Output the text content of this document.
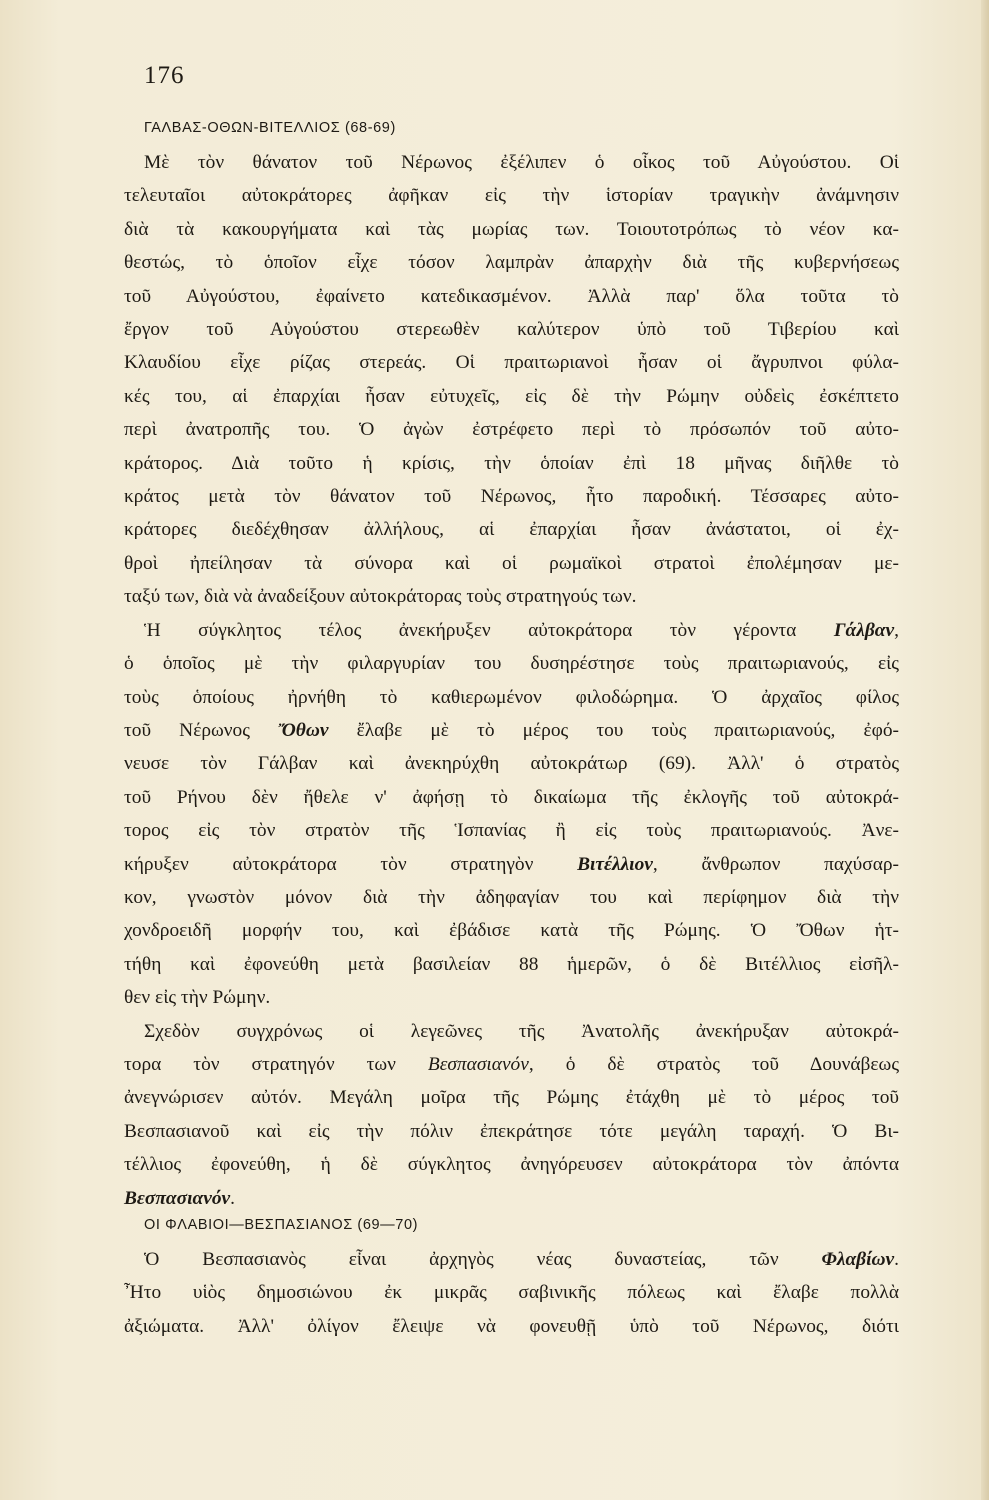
176
ΓΑΛΒΑΣ-ΟΘΩΝ-ΒΙΤΕΛΛΙΟΣ (68-69)
Μὲ τὸν θάνατον τοῦ Νέρωνος ἐξέλιπεν ὁ οἶκος τοῦ Αὐγούστου. Οἱ
τελευταῖοι αὐτοκράτορες ἀφῆκαν εἰς τὴν ἱστορίαν τραγικὴν ἀνάμνησιν
διὰ τὰ κακουργήματα καὶ τὰς μωρίας των. Τοιουτοτρόπως τὸ νέον κα-
θεστώς, τὸ ὁποῖον εἶχε τόσον λαμπρὰν ἀπαρχὴν διὰ τῆς κυβερνήσεως
τοῦ Αὐγούστου, ἐφαίνετο κατεδικασμένον. Ἀλλὰ παρ' ὅλα τοῦτα τὸ
ἔργον τοῦ Αὐγούστου στερεωθὲν καλύτερον ὑπὸ τοῦ Τιβερίου καὶ
Κλαυδίου εἶχε ρίζας στερεάς. Οἱ πραιτωριανοὶ ἦσαν οἱ ἄγρυπνοι φύλα-
κές του, αἱ ἐπαρχίαι ἦσαν εὐτυχεῖς, εἰς δὲ τὴν Ρώμην οὐδεὶς ἐσκέπτετο
περὶ ἀνατροπῆς του. Ὁ ἀγὼν ἐστρέφετο περὶ τὸ πρόσωπόν τοῦ αὐτο-
κράτορος. Διὰ τοῦτο ἡ κρίσις, τὴν ὁποίαν ἐπὶ 18 μῆνας διῆλθε τὸ
κράτος μετὰ τὸν θάνατον τοῦ Νέρωνος, ἦτο παροδική. Τέσσαρες αὐτο-
κράτορες διεδέχθησαν ἀλλήλους, αἱ ἐπαρχίαι ἦσαν ἀνάστατοι, οἱ ἐχ-
θροὶ ἠπείλησαν τὰ σύνορα καὶ οἱ ρωμαϊκοὶ στρατοὶ ἐπολέμησαν με-
ταξύ των, διὰ νὰ ἀναδείξουν αὐτοκράτορας τοὺς στρατηγούς των.
Ἡ σύγκλητος τέλος ἀνεκήρυξεν αὐτοκράτορα τὸν γέροντα Γάλβαν,
ὁ ὁποῖος μὲ τὴν φιλαργυρίαν του δυσηρέστησε τοὺς πραιτωριανούς, εἰς
τοὺς ὁποίους ἠρνήθη τὸ καθιερωμένον φιλοδώρημα. Ὁ ἀρχαῖος φίλος
τοῦ Νέρωνος Ὄθων ἔλαβε μὲ τὸ μέρος του τοὺς πραιτωριανούς, ἐφό-
νευσε τὸν Γάλβαν καὶ ἀνεκηρύχθη αὐτοκράτωρ (69). Ἀλλ' ὁ στρατὸς
τοῦ Ρήνου δὲν ἤθελε ν' ἀφήσῃ τὸ δικαίωμα τῆς ἐκλογῆς τοῦ αὐτοκρά-
τορος εἰς τὸν στρατὸν τῆς Ἱσπανίας ἢ εἰς τοὺς πραιτωριανούς. Ἀνε-
κήρυξεν αὐτοκράτορα τὸν στρατηγὸν Βιτέλλιον, ἄνθρωπον παχύσαρ-
κον, γνωστὸν μόνον διὰ τὴν ἀδηφαγίαν του καὶ περίφημον διὰ τὴν
χονδροειδῆ μορφήν του, καὶ ἐβάδισε κατὰ τῆς Ρώμης. Ὁ Ὄθων ἡτ-
τήθη καὶ ἐφονεύθη μετὰ βασιλείαν 88 ἡμερῶν, ὁ δὲ Βιτέλλιος εἰσῆλ-
θεν εἰς τὴν Ρώμην.
Σχεδὸν συγχρόνως οἱ λεγεῶνες τῆς Ἀνατολῆς ἀνεκήρυξαν αὐτοκρά-
τορα τὸν στρατηγόν των Βεσπασιανόν, ὁ δὲ στρατὸς τοῦ Δουνάβεως
ἀνεγνώρισεν αὐτόν. Μεγάλη μοῖρα τῆς Ρώμης ἐτάχθη μὲ τὸ μέρος τοῦ
Βεσπασιανοῦ καὶ εἰς τὴν πόλιν ἐπεκράτησε τότε μεγάλη ταραχή. Ὁ Βι-
τέλλιος ἐφονεύθη, ἡ δὲ σύγκλητος ἀνηγόρευσεν αὐτοκράτορα τὸν ἀπόντα
Βεσπασιανόν.
ΟΙ ΦΛΑΒΙΟΙ—ΒΕΣΠΑΣΙΑΝΟΣ (69—70)
Ὁ Βεσπασιανὸς εἶναι ἀρχηγὸς νέας δυναστείας, τῶν Φλαβίων.
Ἦτο υἱὸς δημοσιώνου ἐκ μικρᾶς σαβινικῆς πόλεως καὶ ἔλαβε πολλὰ
ἀξιώματα. Ἀλλ' ὀλίγον ἔλειψε νὰ φονευθῇ ὑπὸ τοῦ Νέρωνος, διότι
